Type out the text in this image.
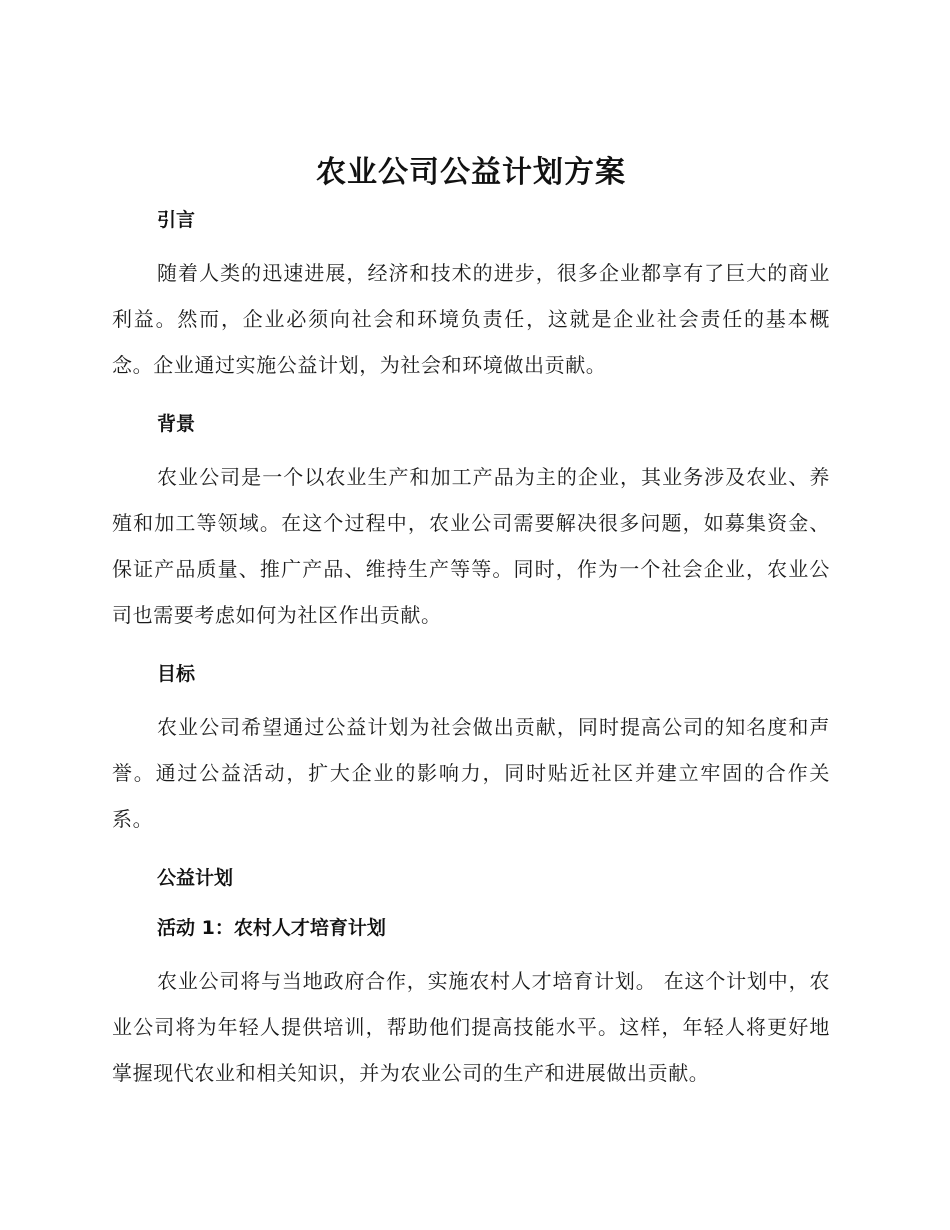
农业公司公益计划方案
引言

随着人类的迅速进展，经济和技术的进步，很多企业都享有了巨大的商业利益。然而，企业必须向社会和环境负责任，这就是企业社会责任的基本概念。企业通过实施公益计划，为社会和环境做出贡献。

背景

农业公司是一个以农业生产和加工产品为主的企业，其业务涉及农业、养殖和加工等领域。在这个过程中，农业公司需要解决很多问题，如募集资金、保证产品质量、推广产品、维持生产等等。同时，作为一个社会企业，农业公司也需要考虑如何为社区作出贡献。

目标

农业公司希望通过公益计划为社会做出贡献，同时提高公司的知名度和声誉。通过公益活动，扩大企业的影响力，同时贴近社区并建立牢固的合作关系。

公益计划
活动 1：农村人才培育计划

农业公司将与当地政府合作，实施农村人才培育计划。 在这个计划中，农业公司将为年轻人提供培训，帮助他们提高技能水平。这样，年轻人将更好地掌握现代农业和相关知识，并为农业公司的生产和进展做出贡献。
